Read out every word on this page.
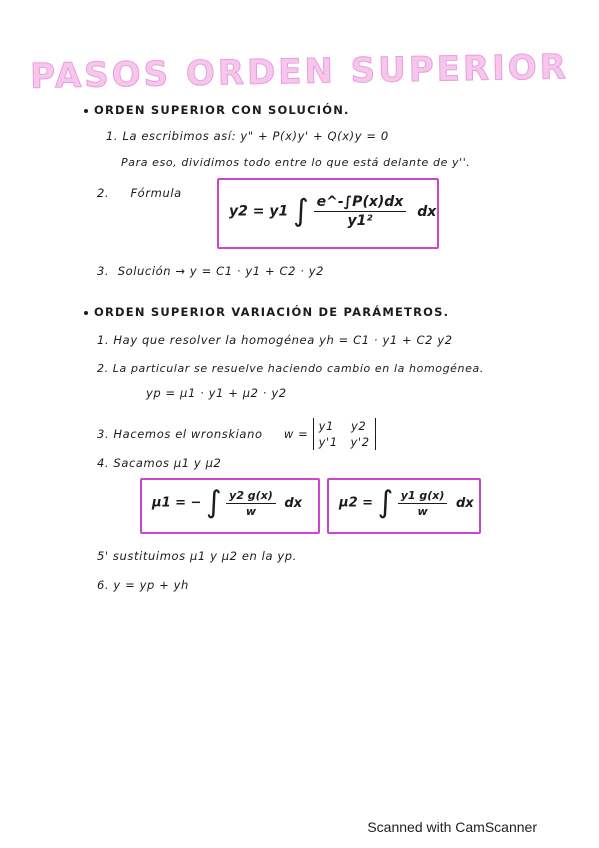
PASOS ORDEN SUPERIOR
ORDEN SUPERIOR CON SOLUCIÓN.
1. La escribimos así: y" + P(x)y' + Q(x)y = 0
Para eso, dividimos todo entre lo que está delante de y''.
2. Fórmula
y2 = y1 ∫ $\frac{e\^{}-\int P(x)dx}{\text{y1²}}$ dx
3. Solución → y = C1 · y1 + C2 · y2
ORDEN SUPERIOR VARIACIÓN DE PARÁMETROS.
1. Hay que resolver la homogénea yh = C1 · y1 + C2 y2
2. La particular se resuelve haciendo cambio en la homogénea.
yp = μ1 · y1 + μ2 · y2
3. Hacemos el wronskiano w = y1 y2
y'1 y'2
4. Sacamos μ1 y μ2
μ1 = − ∫ $\frac{y2 g(x)}{w}$ dx	μ2 = ∫ $\frac{y1 g(x)}{w}$ dx
5' sustituimos μ1 y μ2 en la yp.
6. y = yp + yh
Scanned with CamScanner
